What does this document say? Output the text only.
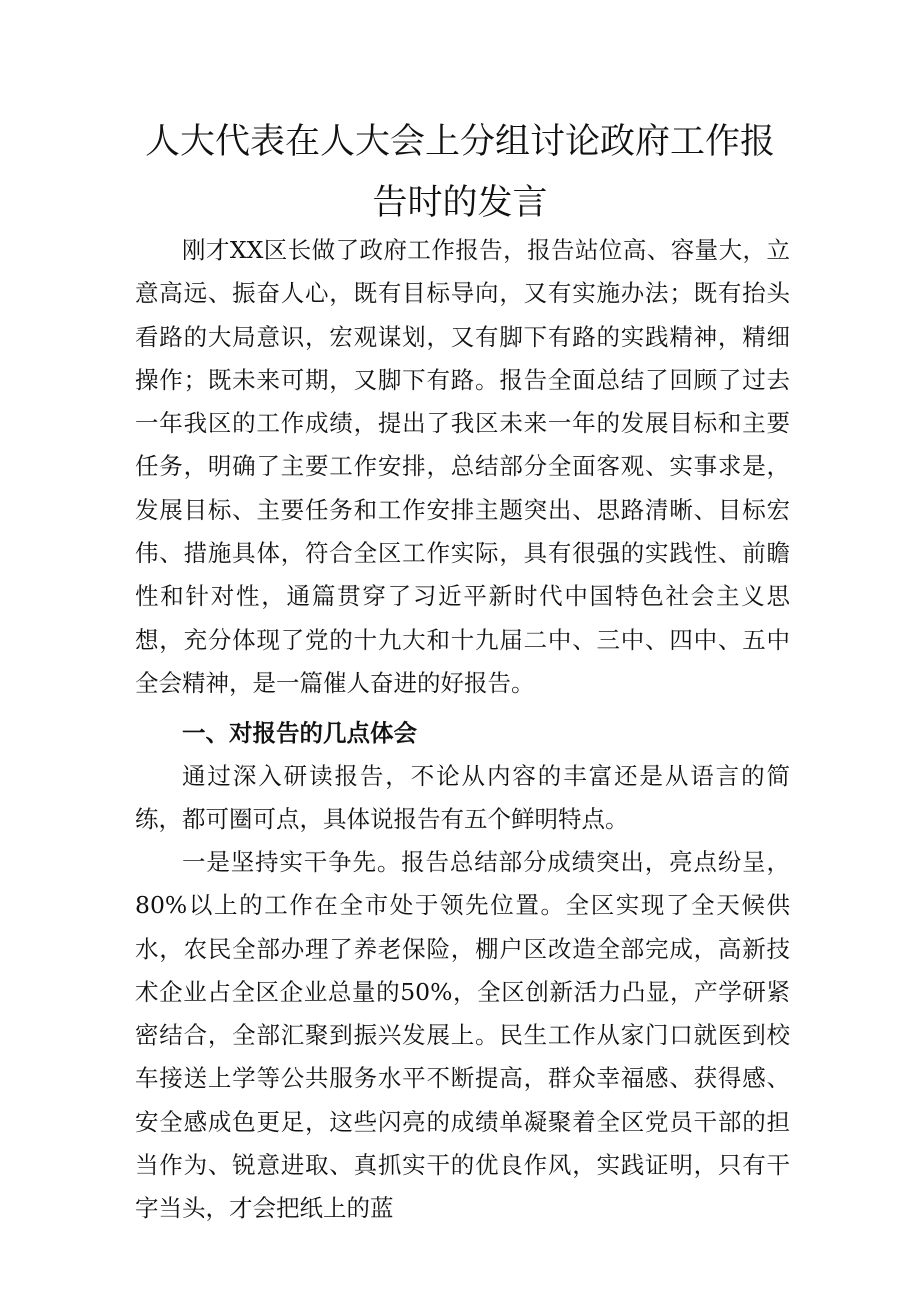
人大代表在人大会上分组讨论政府工作报
告时的发言

刚才XX区长做了政府工作报告，报告站位高、容量大，立意高远、振奋人心，既有目标导向，又有实施办法；既有抬头看路的大局意识，宏观谋划，又有脚下有路的实践精神，精细操作；既未来可期，又脚下有路。报告全面总结了回顾了过去一年我区的工作成绩，提出了我区未来一年的发展目标和主要任务，明确了主要工作安排，总结部分全面客观、实事求是，发展目标、主要任务和工作安排主题突出、思路清晰、目标宏伟、措施具体，符合全区工作实际，具有很强的实践性、前瞻性和针对性，通篇贯穿了习近平新时代中国特色社会主义思想，充分体现了党的十九大和十九届二中、三中、四中、五中全会精神，是一篇催人奋进的好报告。

一、对报告的几点体会

通过深入研读报告，不论从内容的丰富还是从语言的简练，都可圈可点，具体说报告有五个鲜明特点。

一是坚持实干争先。报告总结部分成绩突出，亮点纷呈，80%以上的工作在全市处于领先位置。全区实现了全天候供水，农民全部办理了养老保险，棚户区改造全部完成，高新技术企业占全区企业总量的50%，全区创新活力凸显，产学研紧密结合，全部汇聚到振兴发展上。民生工作从家门口就医到校车接送上学等公共服务水平不断提高，群众幸福感、获得感、安全感成色更足，这些闪亮的成绩单凝聚着全区党员干部的担当作为、锐意进取、真抓实干的优良作风，实践证明，只有干字当头，才会把纸上的蓝
